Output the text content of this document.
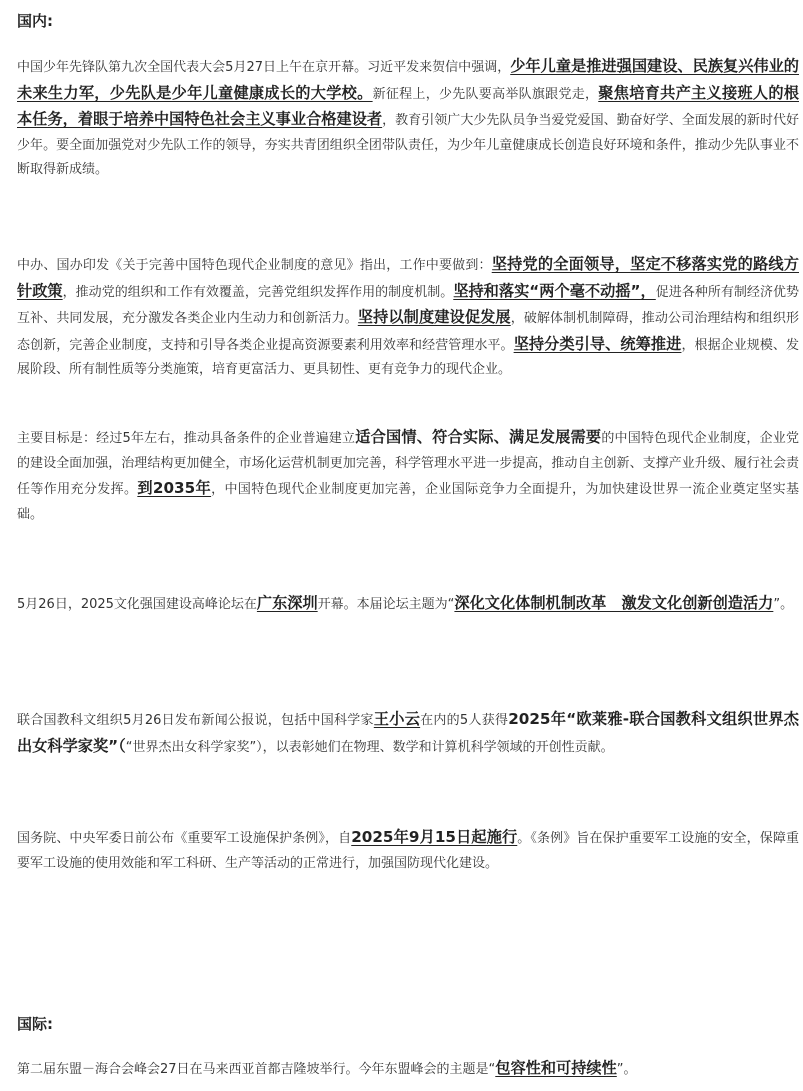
国内:

中国少年先锋队第九次全国代表大会5月27日上午在京开幕。习近平发来贺信中强调，少年儿童是推进强国建设、民族复兴伟业的未来生力军，少先队是少年儿童健康成长的大学校。新征程上，少先队要高举队旗跟党走，聚焦培育共产主义接班人的根本任务，着眼于培养中国特色社会主义事业合格建设者，教育引领广大少先队员争当爱党爱国、勤奋好学、全面发展的新时代好少年。要全面加强党对少先队工作的领导，夯实共青团组织全团带队责任，为少年儿童健康成长创造良好环境和条件，推动少先队事业不断取得新成绩。

中办、国办印发《关于完善中国特色现代企业制度的意见》指出，工作中要做到：坚持党的全面领导，坚定不移落实党的路线方针政策，推动党的组织和工作有效覆盖，完善党组织发挥作用的制度机制。坚持和落实“两个毫不动摇”，促进各种所有制经济优势互补、共同发展，充分激发各类企业内生动力和创新活力。坚持以制度建设促发展，破解体制机制障碍，推动公司治理结构和组织形态创新，完善企业制度，支持和引导各类企业提高资源要素利用效率和经营管理水平。坚持分类引导、统筹推进，根据企业规模、发展阶段、所有制性质等分类施策，培育更富活力、更具韧性、更有竞争力的现代企业。

主要目标是：经过5年左右，推动具备条件的企业普遍建立适合国情、符合实际、满足发展需要的中国特色现代企业制度，企业党的建设全面加强，治理结构更加健全，市场化运营机制更加完善，科学管理水平进一步提高，推动自主创新、支撑产业升级、履行社会责任等作用充分发挥。到2035年，中国特色现代企业制度更加完善，企业国际竞争力全面提升，为加快建设世界一流企业奠定坚实基础。

5月26日，2025文化强国建设高峰论坛在广东深圳开幕。本届论坛主题为“深化文化体制机制改革　激发文化创新创造活力”。

联合国教科文组织5月26日发布新闻公报说，包括中国科学家王小云在内的5人获得2025年“欧莱雅-联合国教科文组织世界杰出女科学家奖”（“世界杰出女科学家奖”），以表彰她们在物理、数学和计算机科学领域的开创性贡献。

国务院、中央军委日前公布《重要军工设施保护条例》，自2025年9月15日起施行。《条例》旨在保护重要军工设施的安全，保障重要军工设施的使用效能和军工科研、生产等活动的正常进行，加强国防现代化建设。

国际:

第二届东盟－海合会峰会27日在马来西亚首都吉隆坡举行。今年东盟峰会的主题是“包容性和可持续性”。
